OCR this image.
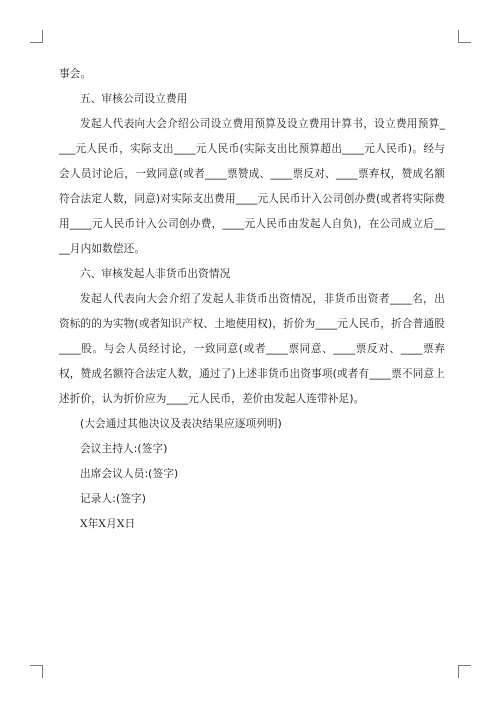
事会。

五、审核公司设立费用

发起人代表向大会介绍公司设立费用预算及设立费用计算书，设立费用预算____元人民币，实际支出____元人民币(实际支出比预算超出____元人民币)。经与会人员讨论后，一致同意(或者____票赞成、____票反对、____票弃权，赞成名额符合法定人数，同意)对实际支出费用____元人民币计入公司创办费(或者将实际费用____元人民币计入公司创办费，____元人民币由发起人自负)，在公司成立后____月内如数偿还。

六、审核发起人非货币出资情况

发起人代表向大会介绍了发起人非货币出资情况，非货币出资者____名，出资标的的为实物(或者知识产权、土地使用权)，折价为____元人民币，折合普通股____股。与会人员经讨论，一致同意(或者____票同意、____票反对、____票弃权，赞成名额符合法定人数，通过了)上述非货币出资事项(或者有____票不同意上述折价，认为折价应为____元人民币，差价由发起人连带补足)。

(大会通过其他决议及表决结果应逐项列明)

会议主持人:(签字)

出席会议人员:(签字)

记录人:(签字)

X年X月X日
